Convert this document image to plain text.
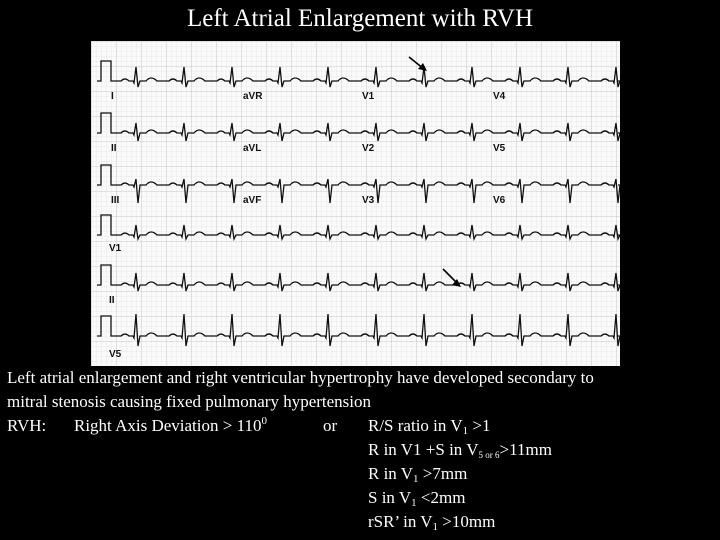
Left Atrial Enlargement with RVH
I	aVR	V1	V4
II	aVL	V2	V5
III	aVF	V3	V6
V1
II
V5
Left atrial enlargement and right ventricular hypertrophy have developed secondary to
mitral stenosis causing fixed pulmonary hypertension
RVH: Right Axis Deviation > $110^0$	or R/S ratio in $V_1 >1$
R in V1 +S in $V_{5 or 6}>11mm$
R in $V_1 >7mm$
S in $V_1 <2mm$
rSR’ in $V_1 >10mm$
